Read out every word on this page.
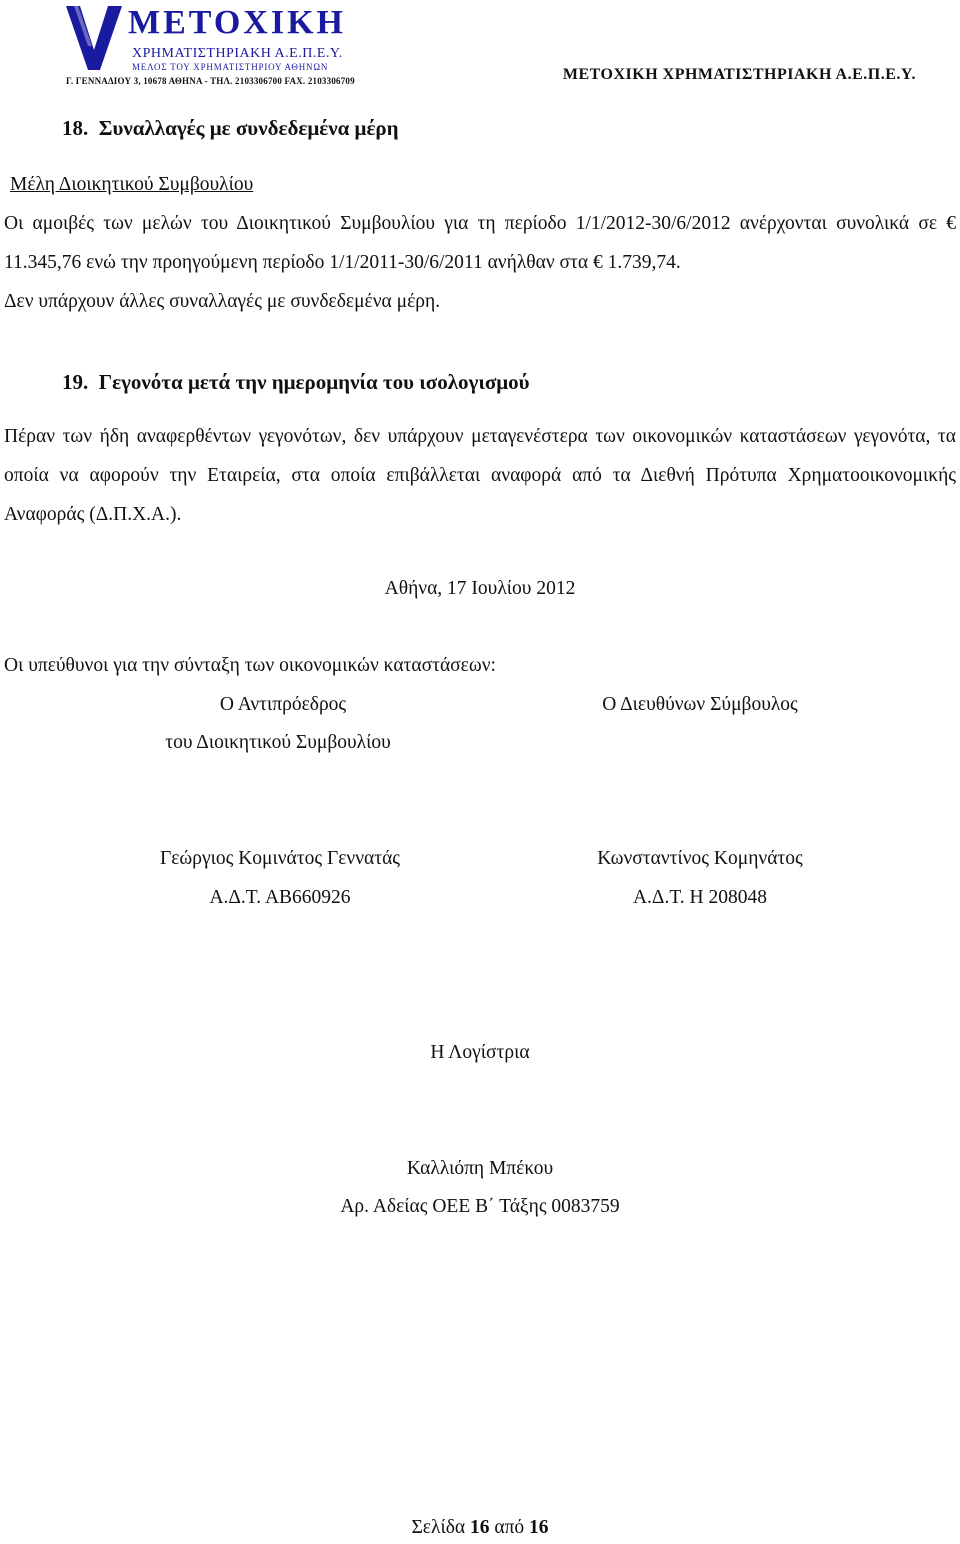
ΜΕΤΟΧΙΚΗ
ΧΡΗΜΑΤΙΣΤΗΡΙΑΚΗ Α.Ε.Π.Ε.Υ.
ΜΕΛΟΣ ΤΟΥ ΧΡΗΜΑΤΙΣΤΗΡΙΟΥ ΑΘΗΝΩΝ
Γ. ΓΕΝΝΑΔΙΟΥ 3, 10678 ΑΘΗΝΑ - ΤΗΛ. 2103306700 FAX. 2103306709	ΜΕΤΟΧΙΚΗ ΧΡΗΜΑΤΙΣΤΗΡΙΑΚΗ Α.Ε.Π.Ε.Υ.
18. Συναλλαγές με συνδεδεμένα μέρη
Μέλη Διοικητικού Συμβουλίου
Οι αμοιβές των μελών του Διοικητικού Συμβουλίου για τη περίοδο 1/1/2012-30/6/2012 ανέρχονται συνολικά σε € 11.345,76 ενώ την προηγούμενη περίοδο 1/1/2011-30/6/2011 ανήλθαν στα € 1.739,74.
Δεν υπάρχουν άλλες συναλλαγές με συνδεδεμένα μέρη.
19. Γεγονότα μετά την ημερομηνία του ισολογισμού
Πέραν των ήδη αναφερθέντων γεγονότων, δεν υπάρχουν μεταγενέστερα των οικονομικών καταστάσεων γεγονότα, τα οποία να αφορούν την Εταιρεία, στα οποία επιβάλλεται αναφορά από τα Διεθνή Πρότυπα Χρηματοοικονομικής Αναφοράς (Δ.Π.Χ.Α.).
Αθήνα, 17 Ιουλίου 2012
Οι υπεύθυνοι για την σύνταξη των οικονομικών καταστάσεων:
Ο Αντιπρόεδρος
του Διοικητικού Συμβουλίου
Ο Διευθύνων Σύμβουλος
Γεώργιος Κομινάτος Γεννατάς
Α.Δ.Τ. ΑΒ660926
Κωνσταντίνος Κομηνάτος
Α.Δ.Τ. Η 208048
Η Λογίστρια
Καλλιόπη Μπέκου
Αρ. Αδείας ΟΕΕ Β΄ Τάξης 0083759
Σελίδα 16 από 16
